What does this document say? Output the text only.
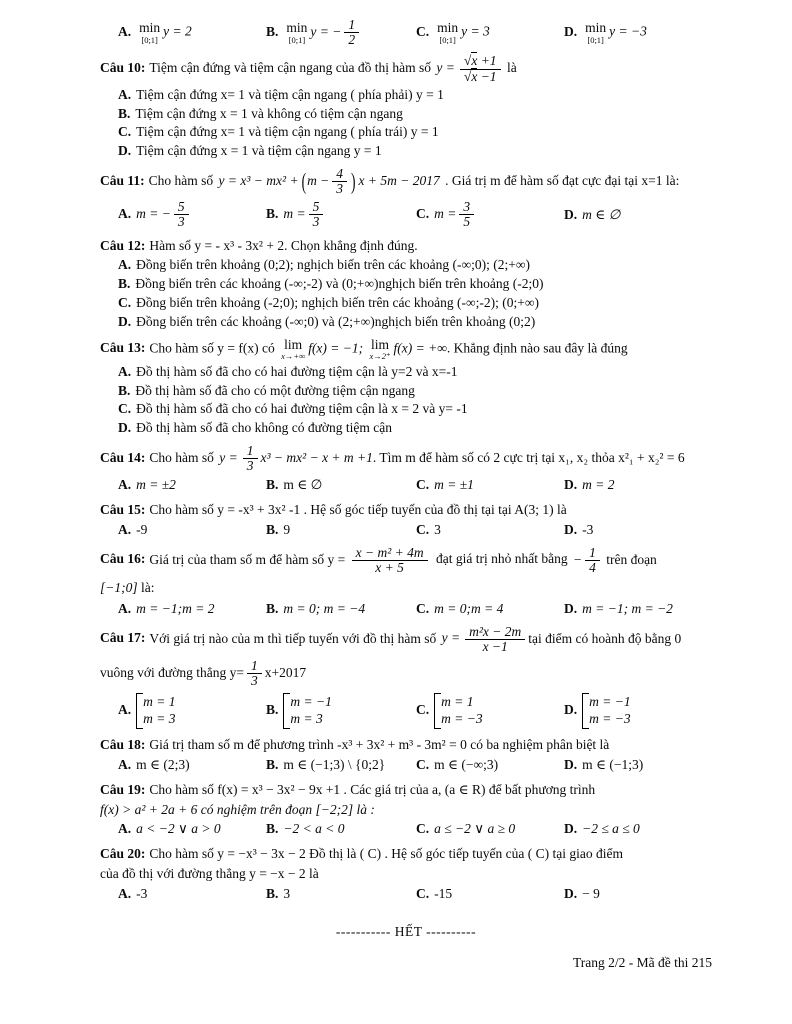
A. min
[0;1]
y = 2	B. min
[0;1]
y = − $\frac{1}{2}$	C. min
[0;1]
y = 3	D. min
[0;1]
y = −3
Câu 10: Tiệm cận đứng và tiệm cận ngang của đồ thị hàm số $y = \frac{√x +1}{√x -1}$ là
A. Tiệm cận đứng x= 1 và tiệm cận ngang ( phía phải) y = 1
B. Tiệm cận đứng x = 1 và không có tiệm cận ngang
C. Tiệm cận đứng x= 1 và tiệm cận ngang ( phía trái) y = 1
D. Tiệm cận đứng x = 1 và tiệm cận ngang y = 1
Câu 11: Cho hàm số $y = x^3 - mx^2 + (m - \frac{4}{3}$ ) x + 5m − 2017 . Giá trị m để hàm số đạt cực đại tại x=1 là:
A. m = − $\frac{5}{3}$	B. $m = \frac{5}{3}$	C. $m = \frac{3}{5}$	D. m ∈ ∅
Câu 12: Hàm số y = - x³ - 3x² + 2. Chọn khẳng định đúng.
A. Đồng biến trên khoảng (0;2); nghịch biến trên các khoảng (-∞;0); (2;+∞)
B. Đồng biến trên các khoảng (-∞;-2) và (0;+∞)nghịch biến trên khoảng (-2;0)
C. Đồng biến trên khoảng (-2;0); nghịch biến trên các khoảng (-∞;-2); (0;+∞)
D. Đồng biến trên các khoảng (-∞;0) và (2;+∞)nghịch biến trên khoảng (0;2)
Câu 13: Cho hàm số y = f(x) có lim
x→+∞
f(x) = −1; lim
x→2⁺
f(x) = +∞. Khẳng định nào sau đây là đúng
A. Đồ thị hàm số đã cho có hai đường tiệm cận là y=2 và x=-1
B. Đồ thị hàm số đã cho có một đường tiệm cận ngang
C. Đồ thị hàm số đã cho có hai đường tiệm cận là x = 2 và y= -1
D. Đồ thị hàm số đã cho không có đường tiệm cận
Câu 14: Cho hàm số $y = \frac{1}{3} x^3 - mx^2 - x + m +1$. Tìm m để hàm số có 2 cực trị tại x₁, x₂ thỏa x²₁ + x₂² = 6
A. m = ±2	B. m ∈ ∅	C. m = ±1	D. m = 2
Câu 15: Cho hàm số y = -x³ + 3x² -1 . Hệ số góc tiếp tuyến của đồ thị tại tại A(3; 1) là
A. -9	B. 9	C. 3	D. -3
Câu 16: Giá trị của tham số m để hàm số $y = \frac{\text{x − m² + 4m}}{x + 5}$ đạt giá trị nhỏ nhất bằng − $\frac{1}{4}$ trên đoạn
[−1;0] là:
A. m = −1;m = 2	B. m = 0; m = −4	C. m = 0;m = 4	D. m = −1; m = −2
Câu 17: Với giá trị nào của m thì tiếp tuyến với đồ thị hàm số $y = \frac{\text{m²x − 2m}}{x -1}$ tại điểm có hoành độ bằng 0
vuông với đường thẳng $y= \frac{1}{3} x+2017$
A.
m = 1
m = 3
B.
m = −1
m = 3
C.
m = 1
m = −3
D.
m = −1
m = −3
Câu 18: Giá trị tham số m để phương trình -x³ + 3x² + m³ - 3m² = 0 có ba nghiệm phân biệt là
A. m ∈ (2;3)	B. m ∈ (−1;3) \ {0;2}	C. m ∈ (−∞;3)	D. m ∈ (−1;3)
Câu 19: Cho hàm số f(x) = x³ − 3x² − 9x +1 . Các giá trị của a, (a ∈ R) để bất phương trình
f(x) > a² + 2a + 6 có nghiệm trên đoạn [−2;2] là :
A. a < −2 ∨ a > 0	B. −2 < a < 0	C. a ≤ −2 ∨ a ≥ 0	D. −2 ≤ a ≤ 0
Câu 20: Cho hàm số y = −x³ − 3x − 2 Đồ thị là ( C) . Hệ số góc tiếp tuyến của ( C) tại giao điểm
của đồ thị với đường thẳng y = −x − 2 là
A. -3	B. 3	C. -15	D. − 9
----------- HẾT ----------
Trang 2/2 - Mã đề thi 215
